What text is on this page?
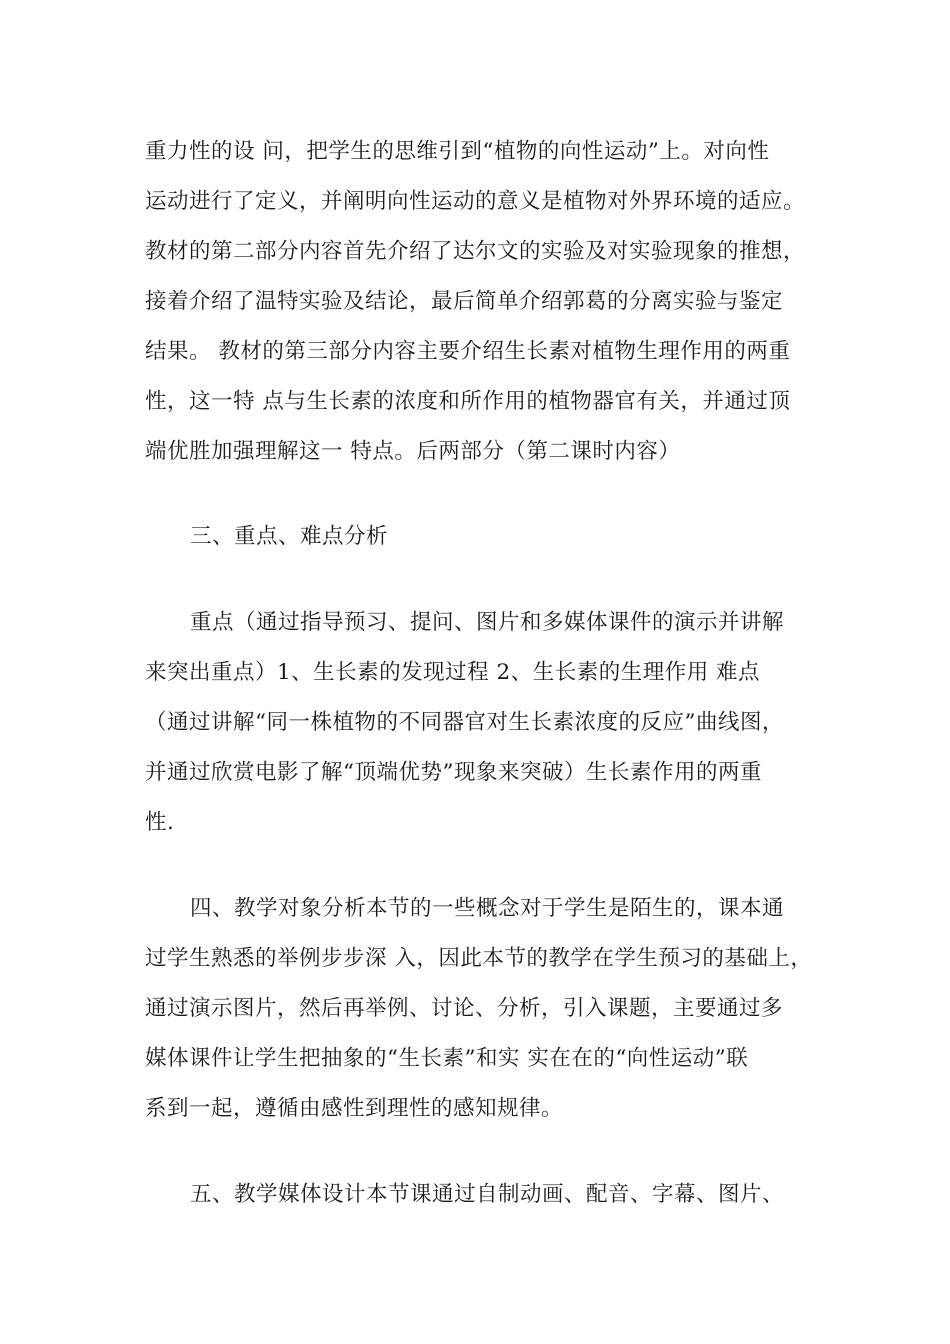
重力性的设 问，把学生的思维引到“植物的向性运动”上。对向性
运动进行了定义，并阐明向性运动的意义是植物对外界环境的适应。
教材的第二部分内容首先介绍了达尔文的实验及对实验现象的推想，
接着介绍了温特实验及结论，最后简单介绍郭葛的分离实验与鉴定
结果。 教材的第三部分内容主要介绍生长素对植物生理作用的两重
性，这一特 点与生长素的浓度和所作用的植物器官有关，并通过顶
端优胜加强理解这一 特点。后两部分（第二课时内容）
三、重点、难点分析
重点（通过指导预习、提问、图片和多媒体课件的演示并讲解
来突出重点）1、生长素的发现过程 2、生长素的生理作用 难点
（通过讲解“同一株植物的不同器官对生长素浓度的反应”曲线图，
并通过欣赏电影了解“顶端优势”现象来突破）生长素作用的两重
性.
四、教学对象分析本节的一些概念对于学生是陌生的，课本通
过学生熟悉的举例步步深 入，因此本节的教学在学生预习的基础上，
通过演示图片，然后再举例、讨论、分析，引入课题，主要通过多
媒体课件让学生把抽象的“生长素”和实 实在在的“向性运动”联
系到一起，遵循由感性到理性的感知规律。
五、教学媒体设计本节课通过自制动画、配音、字幕、图片、
